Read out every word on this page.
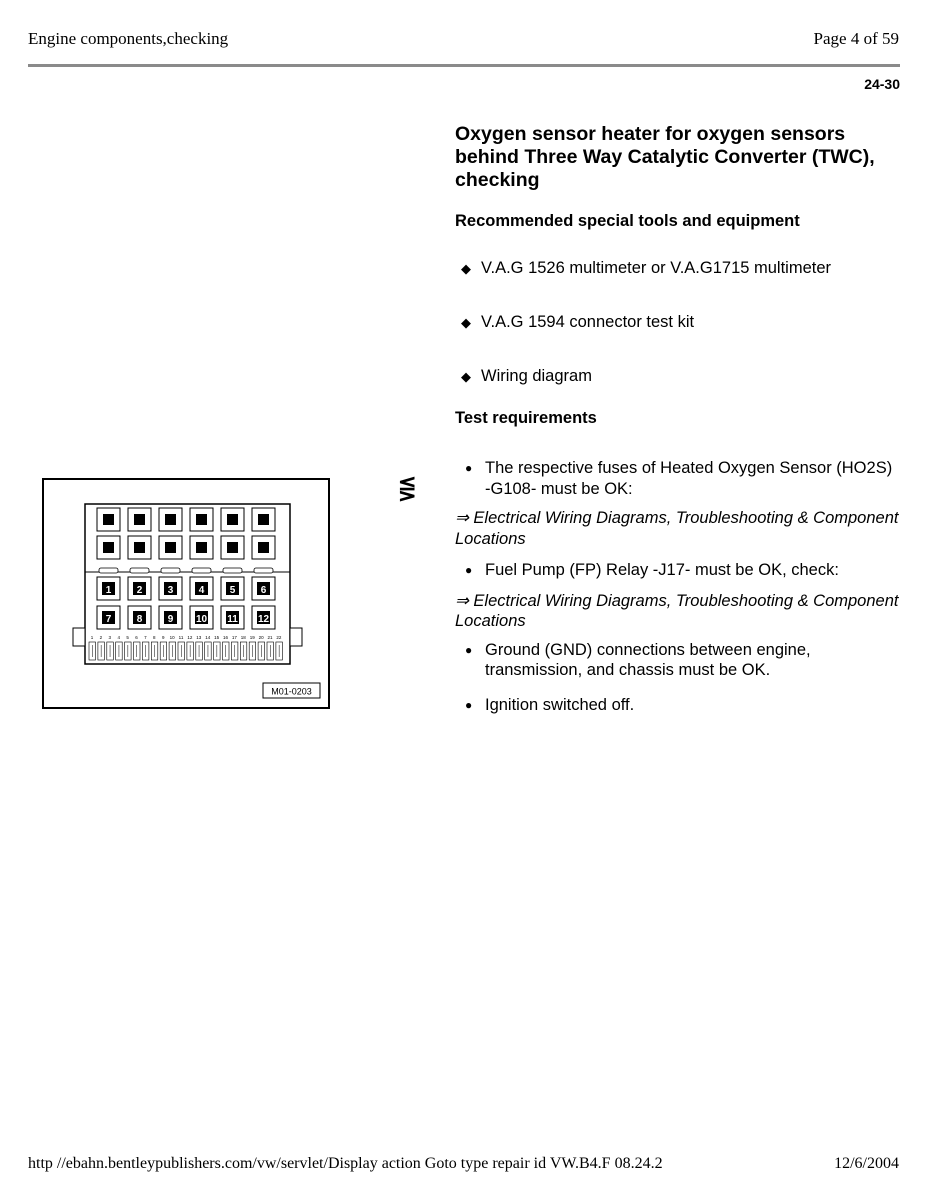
Engine components,checking	Page 4 of 59
24-30
⋚
1	2	3	4	5	6
7	8	9 10 11 12
1 2 3 4 5 6 7 8 9 10 11 12 13 14 15 16 17 18 19 20 21 22
M01-0203
Oxygen sensor heater for oxygen sensors behind Three Way Catalytic Converter (TWC), checking
Recommended special tools and equipment
◆ V.A.G 1526 multimeter or V.A.G1715 multimeter
◆ V.A.G 1594 connector test kit
◆ Wiring diagram
Test requirements
● The respective fuses of Heated Oxygen Sensor (HO2S) -G108- must be OK:

⇒ Electrical Wiring Diagrams, Troubleshooting & Component Locations

● Fuel Pump (FP) Relay -J17- must be OK, check:

⇒ Electrical Wiring Diagrams, Troubleshooting & Component Locations

● Ground (GND) connections between engine, transmission, and chassis must be OK.
● Ignition switched off.
http //ebahn.bentleypublishers.com/vw/servlet/Display action Goto type repair id VW.B4.F 08.24.2	12/6/2004
